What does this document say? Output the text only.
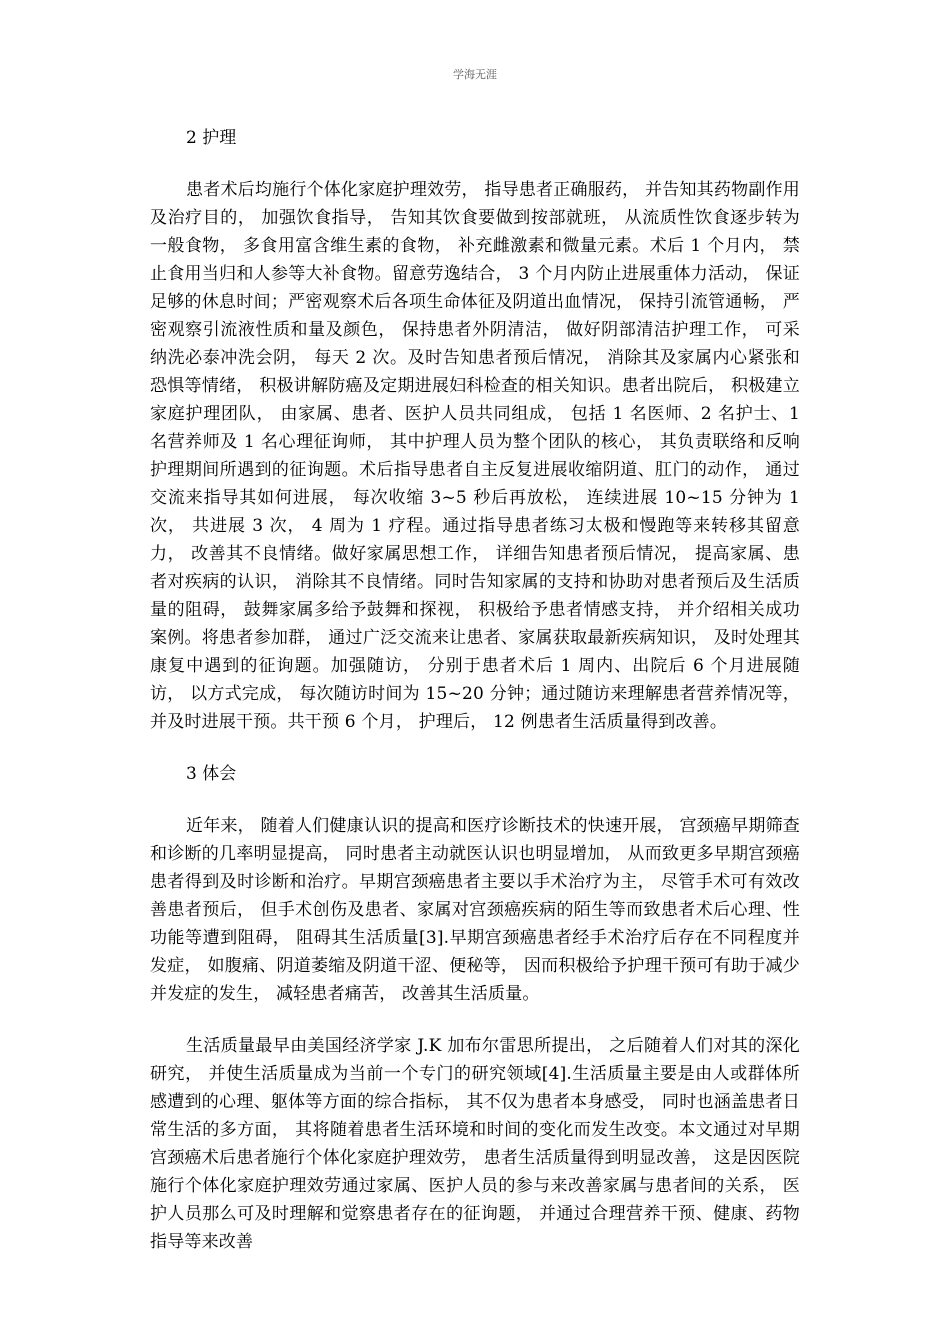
学海无涯
2 护理

患者术后均施行个体化家庭护理效劳， 指导患者正确服药， 并告知其药物副作用及治疗目的， 加强饮食指导， 告知其饮食要做到按部就班， 从流质性饮食逐步转为一般食物， 多食用富含维生素的食物， 补充雌激素和微量元素。术后 1 个月内， 禁止食用当归和人参等大补食物。留意劳逸结合， 3 个月内防止进展重体力活动， 保证足够的休息时间；严密观察术后各项生命体征及阴道出血情况， 保持引流管通畅， 严密观察引流液性质和量及颜色， 保持患者外阴清洁， 做好阴部清洁护理工作， 可采纳洗必泰冲洗会阴， 每天 2 次。及时告知患者预后情况， 消除其及家属内心紧张和恐惧等情绪， 积极讲解防癌及定期进展妇科检查的相关知识。患者出院后， 积极建立家庭护理团队， 由家属、患者、医护人员共同组成， 包括 1 名医师、2 名护士、1 名营养师及 1 名心理征询师， 其中护理人员为整个团队的核心， 其负责联络和反响护理期间所遇到的征询题。术后指导患者自主反复进展收缩阴道、肛门的动作， 通过交流来指导其如何进展， 每次收缩 3~5 秒后再放松， 连续进展 10~15 分钟为 1 次， 共进展 3 次， 4 周为 1 疗程。通过指导患者练习太极和慢跑等来转移其留意力， 改善其不良情绪。做好家属思想工作， 详细告知患者预后情况， 提高家属、患者对疾病的认识， 消除其不良情绪。同时告知家属的支持和协助对患者预后及生活质量的阻碍， 鼓舞家属多给予鼓舞和探视， 积极给予患者情感支持， 并介绍相关成功案例。将患者参加群， 通过广泛交流来让患者、家属获取最新疾病知识， 及时处理其康复中遇到的征询题。加强随访， 分别于患者术后 1 周内、出院后 6 个月进展随访， 以方式完成， 每次随访时间为 15~20 分钟；通过随访来理解患者营养情况等， 并及时进展干预。共干预 6 个月， 护理后， 12 例患者生活质量得到改善。

3 体会

近年来， 随着人们健康认识的提高和医疗诊断技术的快速开展， 宫颈癌早期筛查和诊断的几率明显提高， 同时患者主动就医认识也明显增加， 从而致更多早期宫颈癌患者得到及时诊断和治疗。早期宫颈癌患者主要以手术治疗为主， 尽管手术可有效改善患者预后， 但手术创伤及患者、家属对宫颈癌疾病的陌生等而致患者术后心理、性功能等遭到阻碍， 阻碍其生活质量[3].早期宫颈癌患者经手术治疗后存在不同程度并发症， 如腹痛、阴道萎缩及阴道干涩、便秘等， 因而积极给予护理干预可有助于减少并发症的发生， 减轻患者痛苦， 改善其生活质量。

生活质量最早由美国经济学家 J.K 加布尔雷思所提出， 之后随着人们对其的深化研究， 并使生活质量成为当前一个专门的研究领域[4].生活质量主要是由人或群体所感遭到的心理、躯体等方面的综合指标， 其不仅为患者本身感受， 同时也涵盖患者日常生活的多方面， 其将随着患者生活环境和时间的变化而发生改变。本文通过对早期宫颈癌术后患者施行个体化家庭护理效劳， 患者生活质量得到明显改善， 这是因医院施行个体化家庭护理效劳通过家属、医护人员的参与来改善家属与患者间的关系， 医护人员那么可及时理解和觉察患者存在的征询题， 并通过合理营养干预、健康、药物指导等来改善
